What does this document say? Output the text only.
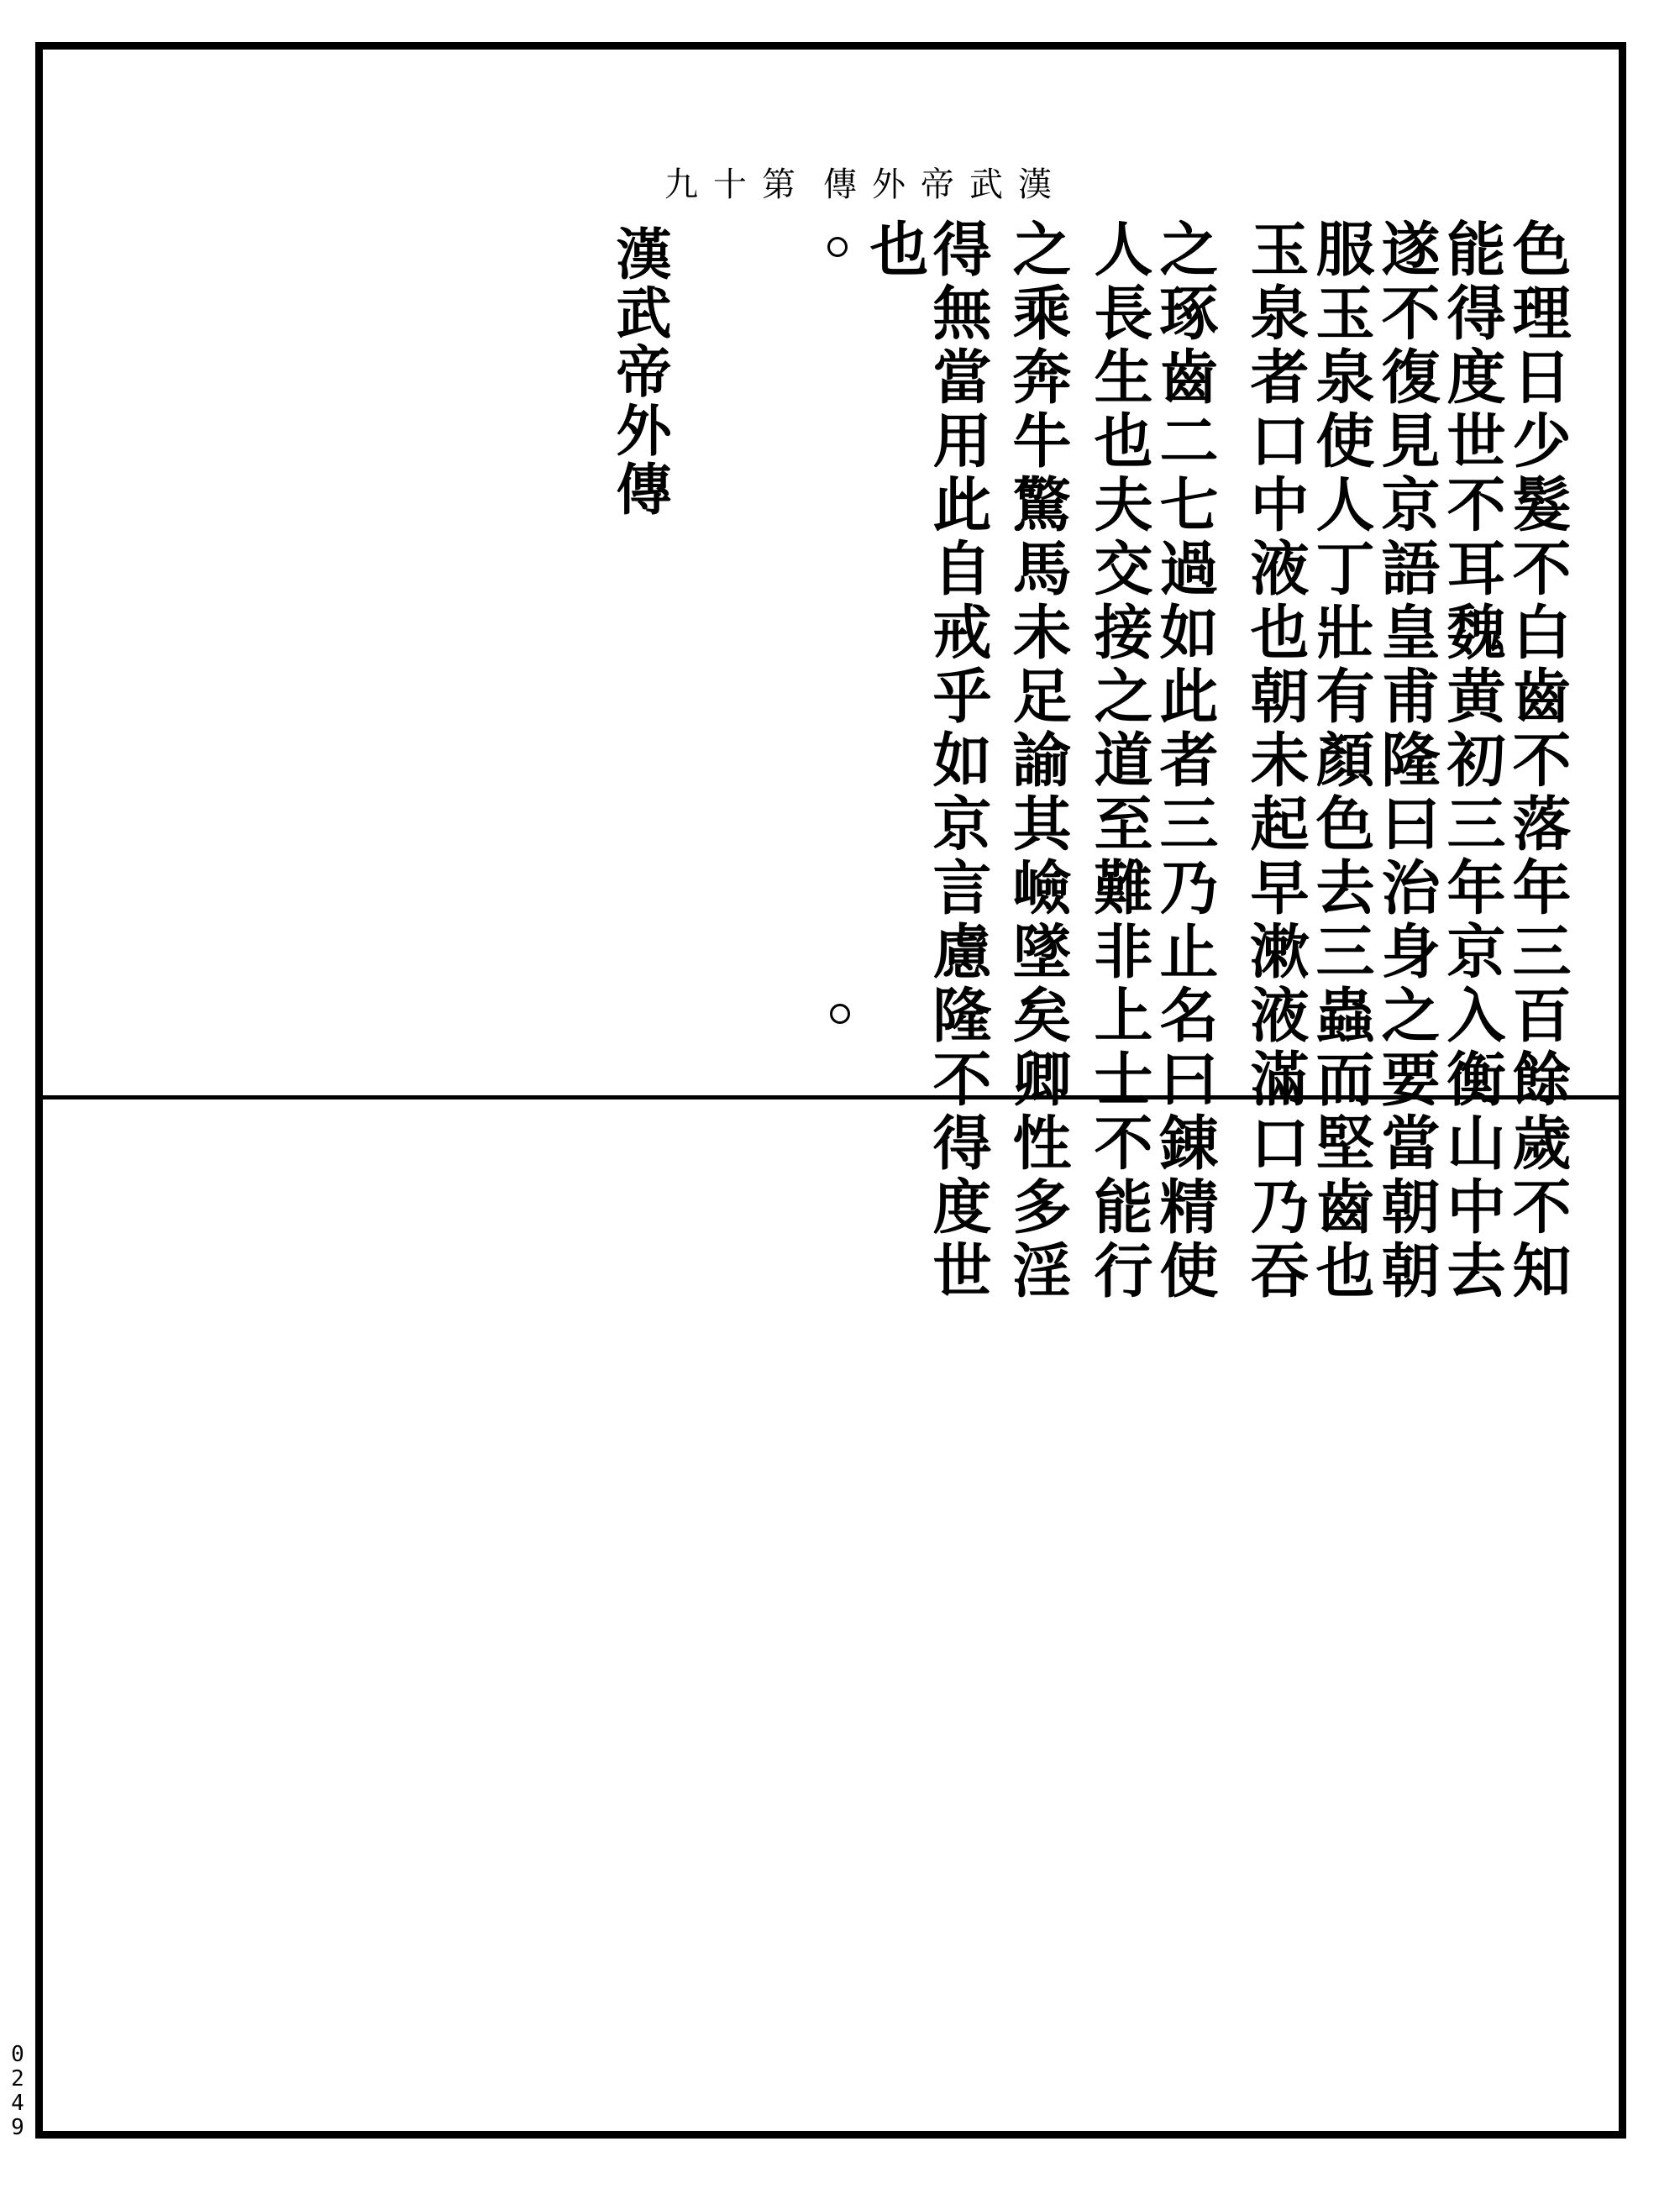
漢武帝外傳
第十九
色理日少髮不白齒不落年三百餘歲不知
能得度世不耳魏黄初三年京入衡山中去
遂不復見京語皇甫隆曰治身之要當朝朝
服玉泉使人丁壯有顏色去三蟲而堅齒也
玉泉者口中液也朝未起早漱液滿口乃吞
之琢齒二七過如此者三乃止名曰錬精使
人長生也夫交接之道至難非上士不能行
之乘奔牛驚馬未足諭其嶮墜矣卿性多淫
得無當用此自戒乎如京言慮隆不得度世
也
漢武帝外傳
0249
